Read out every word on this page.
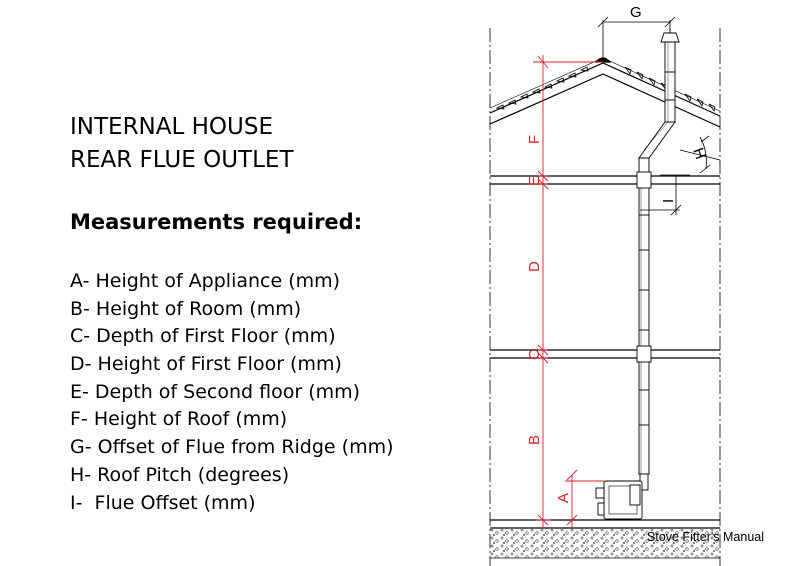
INTERNAL HOUSE
REAR FLUE OUTLET
Measurements required:
A- Height of Appliance (mm)
B- Height of Room (mm)
C- Depth of First Floor (mm)
D- Height of First Floor (mm)
E- Depth of Second floor (mm)
F- Height of Roof (mm)
G- Offset of Flue from Ridge (mm)
H- Roof Pitch (degrees)
I-  Flue Offset (mm)
F
E
D
C
B
A
G
I
H
Stove Fitter's Manual
